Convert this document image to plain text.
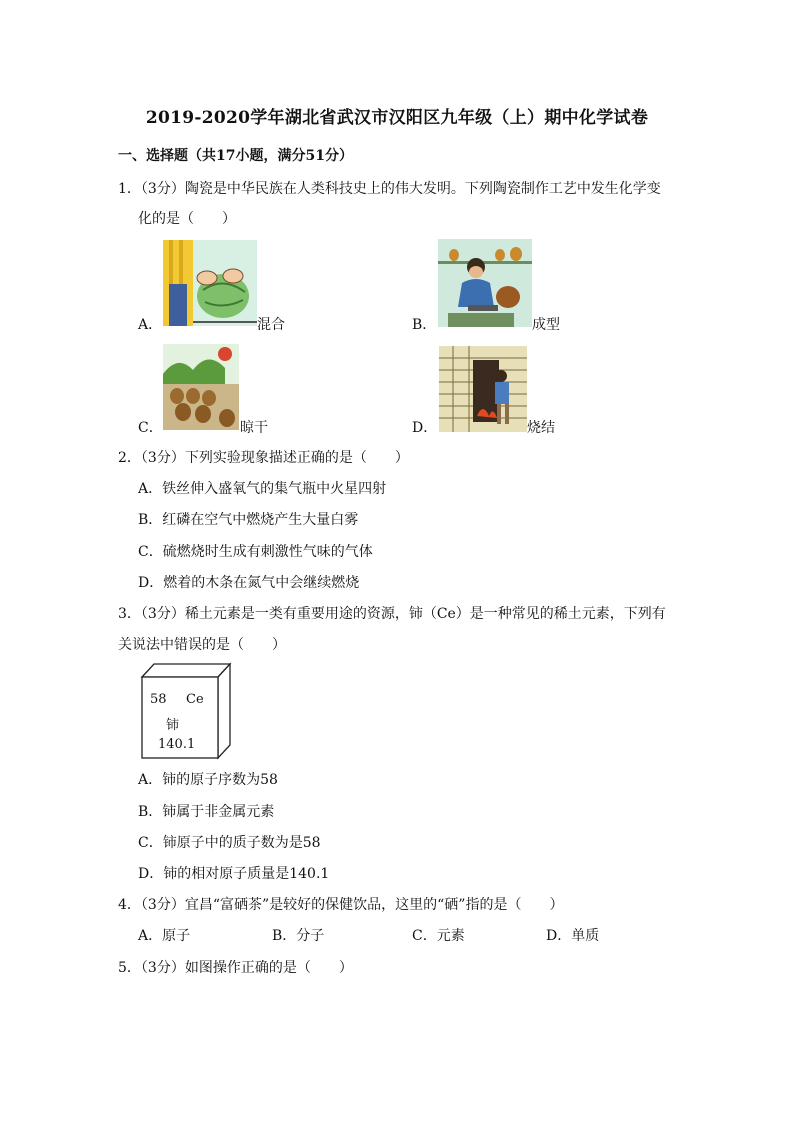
2019-2020学年湖北省武汉市汉阳区九年级（上）期中化学试卷
一、选择题（共17小题，满分51分）
1．（3分）陶瓷是中华民族在人类科技史上的伟大发明。下列陶瓷制作工艺中发生化学变
化的是（　　）
A．	混合	B．	成型
C．	晾干	D．	烧结
2．（3分）下列实验现象描述正确的是（　　）
A．铁丝伸入盛氧气的集气瓶中火星四射
B．红磷在空气中燃烧产生大量白雾
C．硫燃烧时生成有刺激性气味的气体
D．燃着的木条在氮气中会继续燃烧
3．（3分）稀土元素是一类有重要用途的资源，铈（Ce）是一种常见的稀土元素，下列有
关说法中错误的是（　　）
58 Ce
铈
140.1
A．铈的原子序数为58
B．铈属于非金属元素
C．铈原子中的质子数为是58
D．铈的相对原子质量是140.1
4．（3分）宜昌“富硒茶”是较好的保健饮品，这里的“硒”指的是（　　）
A．原子	B．分子	C．元素	D．单质
5．（3分）如图操作正确的是（　　）
